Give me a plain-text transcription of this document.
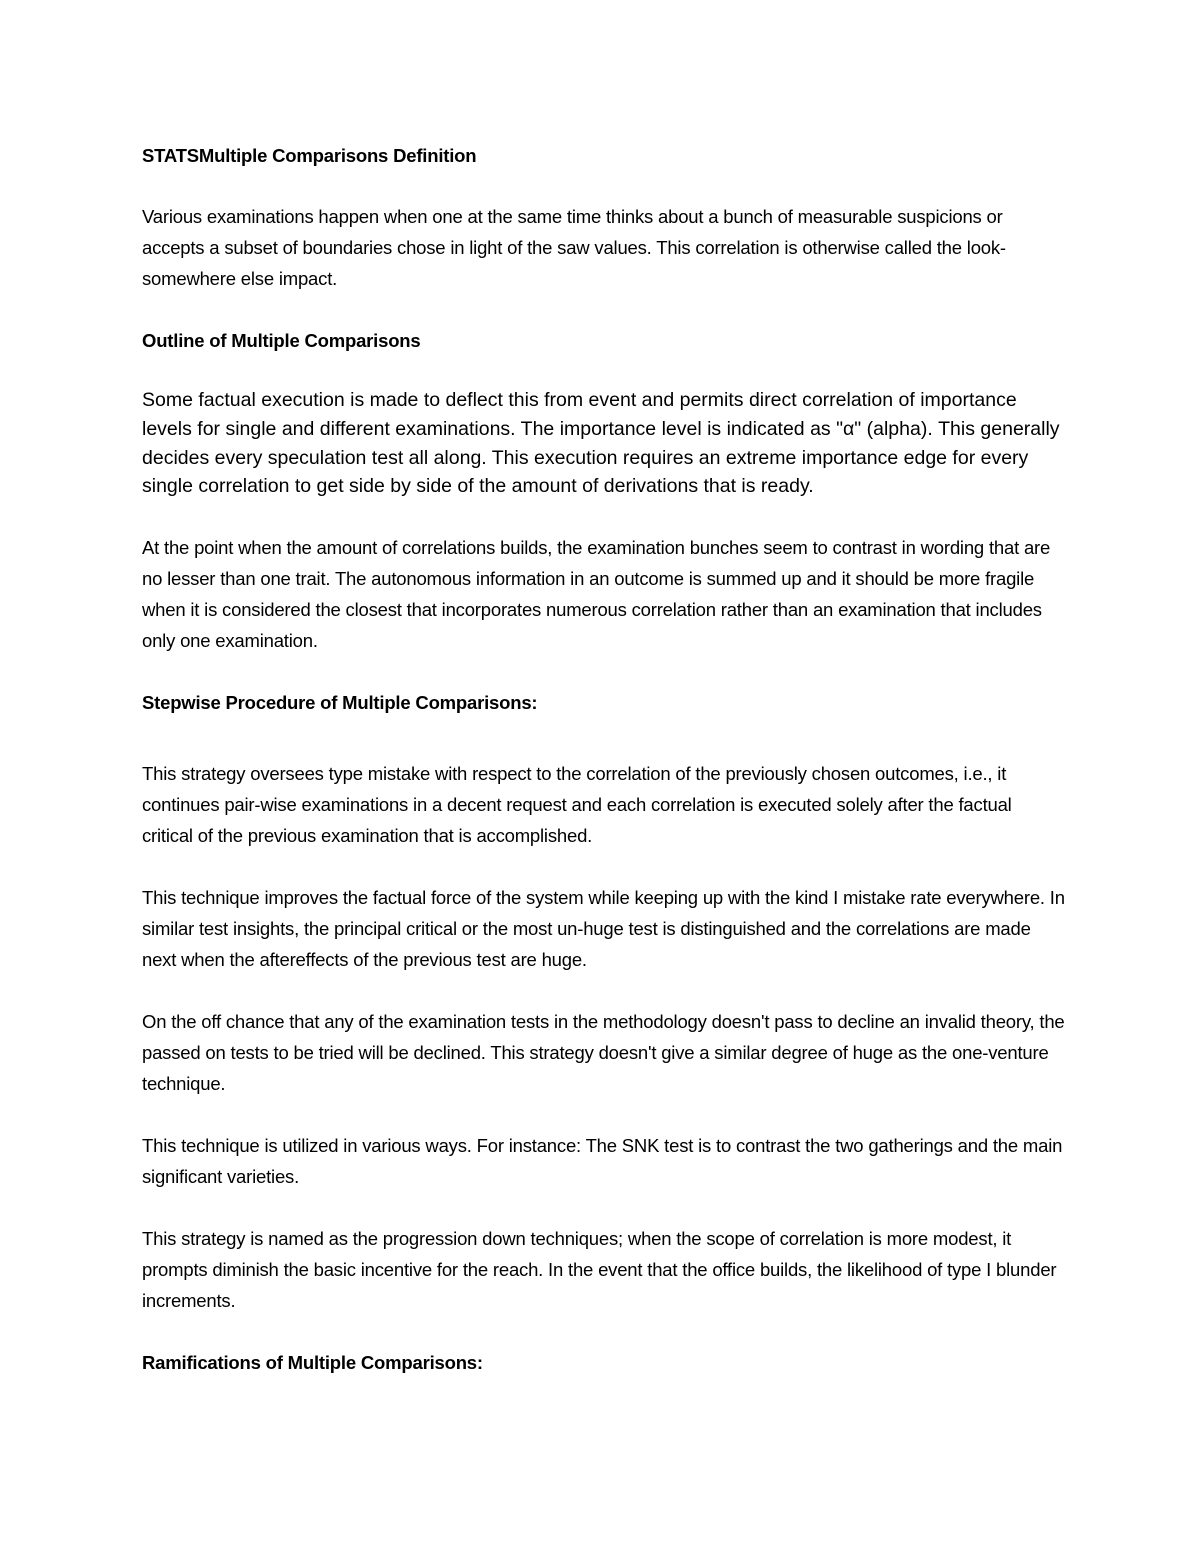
STATSMultiple Comparisons Definition

Various examinations happen when one at the same time thinks about a bunch of measurable suspicions or accepts a subset of boundaries chose in light of the saw values. This correlation is otherwise called the look-somewhere else impact.

Outline of Multiple Comparisons

Some factual execution is made to deflect this from event and permits direct correlation of importance levels for single and different examinations. The importance level is indicated as "α" (alpha). This generally decides every speculation test all along. This execution requires an extreme importance edge for every single correlation to get side by side of the amount of derivations that is ready.

At the point when the amount of correlations builds, the examination bunches seem to contrast in wording that are no lesser than one trait. The autonomous information in an outcome is summed up and it should be more fragile when it is considered the closest that incorporates numerous correlation rather than an examination that includes only one examination.

Stepwise Procedure of Multiple Comparisons:

This strategy oversees type mistake with respect to the correlation of the previously chosen outcomes, i.e., it continues pair-wise examinations in a decent request and each correlation is executed solely after the factual critical of the previous examination that is accomplished.

This technique improves the factual force of the system while keeping up with the kind I mistake rate everywhere. In similar test insights, the principal critical or the most un-huge test is distinguished and the correlations are made next when the aftereffects of the previous test are huge.

On the off chance that any of the examination tests in the methodology doesn't pass to decline an invalid theory, the passed on tests to be tried will be declined. This strategy doesn't give a similar degree of huge as the one-venture technique.

This technique is utilized in various ways. For instance: The SNK test is to contrast the two gatherings and the main significant varieties.

This strategy is named as the progression down techniques; when the scope of correlation is more modest, it prompts diminish the basic incentive for the reach. In the event that the office builds, the likelihood of type I blunder increments.

Ramifications of Multiple Comparisons:
